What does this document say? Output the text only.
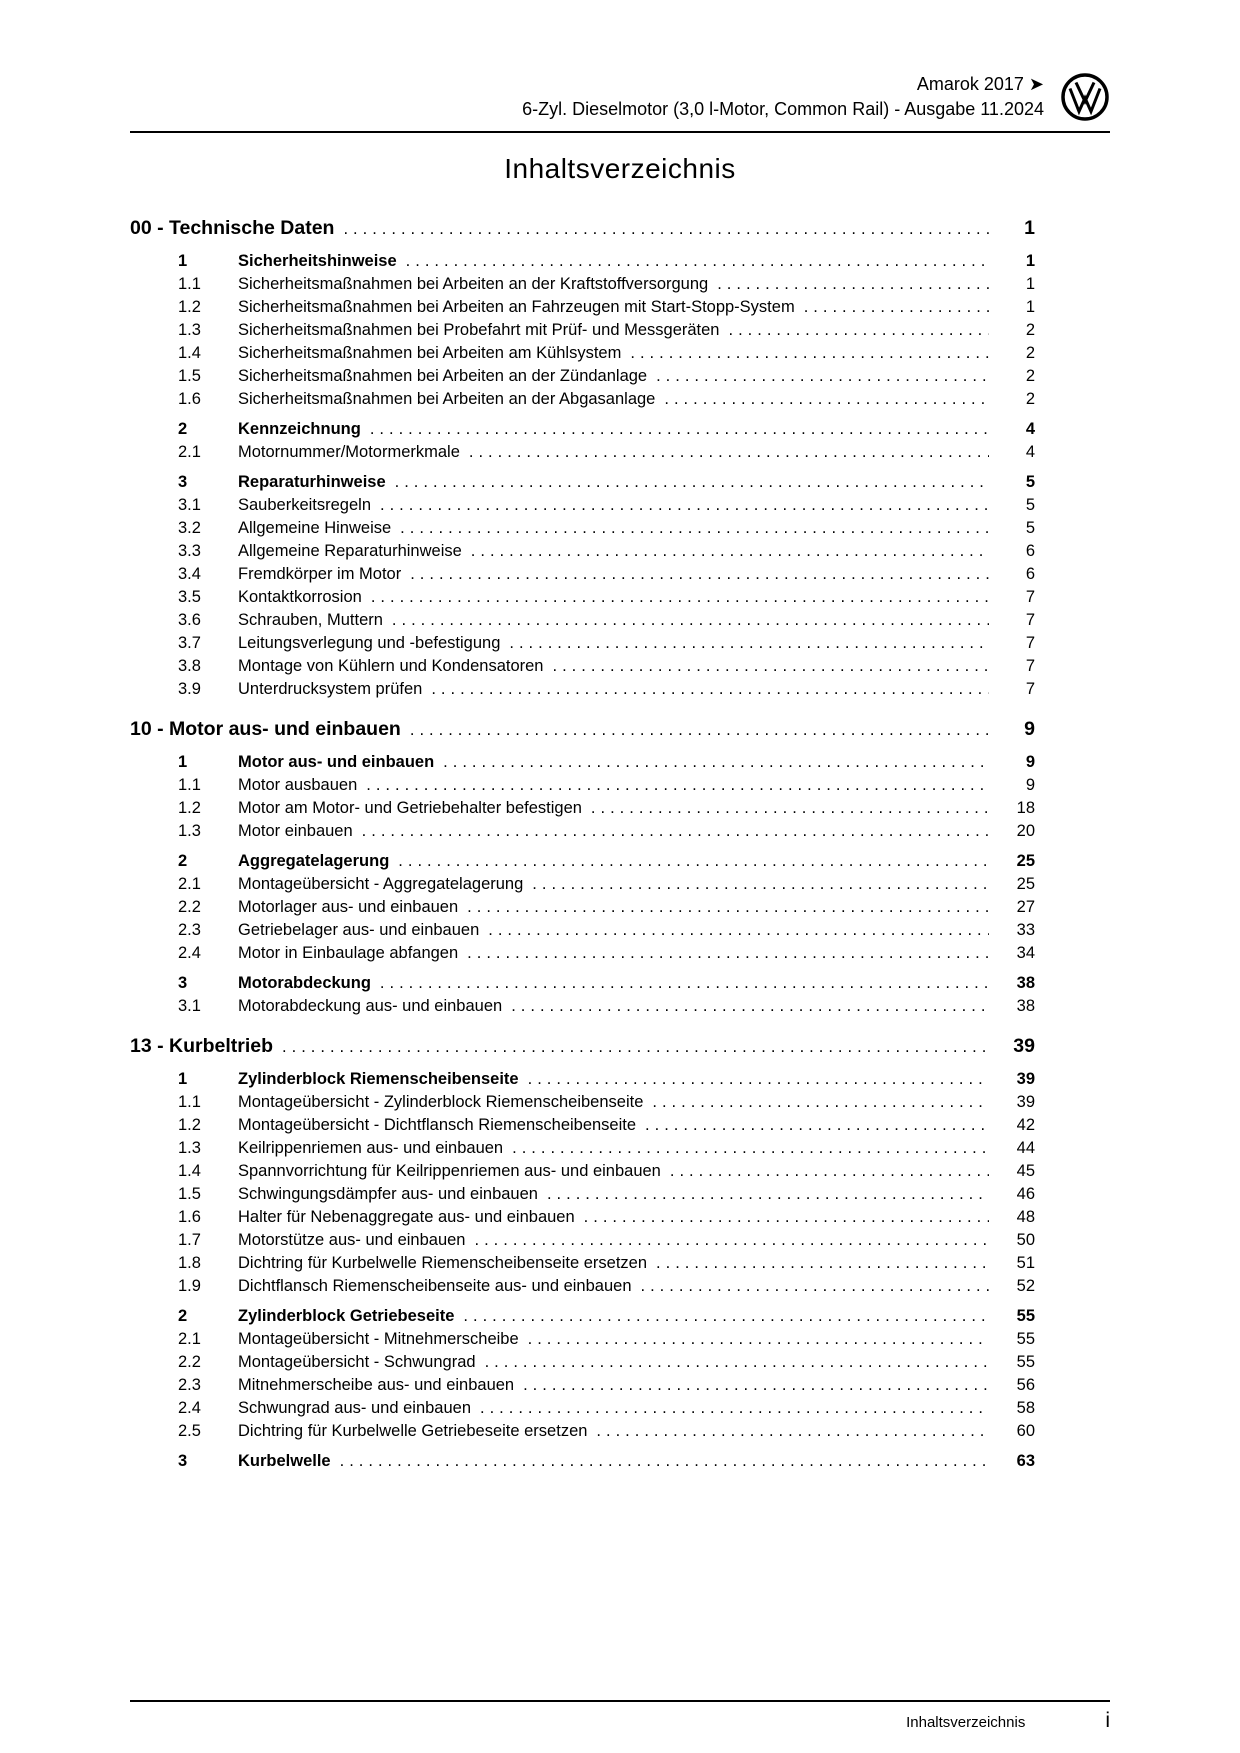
Amarok 2017 ➤
6-Zyl. Dieselmotor (3,0 l-Motor, Common Rail) - Ausgabe 11.2024
Inhaltsverzeichnis
00 - Technische Daten .....	1
1	Sicherheitshinweise .....	1
1.1	Sicherheitsmaßnahmen bei Arbeiten an der Kraftstoffversorgung .....	1
1.2	Sicherheitsmaßnahmen bei Arbeiten an Fahrzeugen mit Start-Stopp-System .....	1
1.3	Sicherheitsmaßnahmen bei Probefahrt mit Prüf- und Messgeräten .....	2
1.4	Sicherheitsmaßnahmen bei Arbeiten am Kühlsystem .....	2
1.5	Sicherheitsmaßnahmen bei Arbeiten an der Zündanlage .....	2
1.6	Sicherheitsmaßnahmen bei Arbeiten an der Abgasanlage .....	2
2	Kennzeichnung .....	4
2.1	Motornummer/Motormerkmale .....	4
3	Reparaturhinweise .....	5
3.1	Sauberkeitsregeln .....	5
3.2	Allgemeine Hinweise .....	5
3.3	Allgemeine Reparaturhinweise .....	6
3.4	Fremdkörper im Motor .....	6
3.5	Kontaktkorrosion .....	7
3.6	Schrauben, Muttern .....	7
3.7	Leitungsverlegung und -befestigung .....	7
3.8	Montage von Kühlern und Kondensatoren .....	7
3.9	Unterdrucksystem prüfen .....	7
10 - Motor aus- und einbauen .....	9
1	Motor aus- und einbauen .....	9
1.1	Motor ausbauen .....	9
1.2	Motor am Motor- und Getriebehalter befestigen .....	18
1.3	Motor einbauen .....	20
2	Aggregatelagerung .....	25
2.1	Montageübersicht - Aggregatelagerung .....	25
2.2	Motorlager aus- und einbauen .....	27
2.3	Getriebelager aus- und einbauen .....	33
2.4	Motor in Einbaulage abfangen .....	34
3	Motorabdeckung .....	38
3.1	Motorabdeckung aus- und einbauen .....	38
13 - Kurbeltrieb .....	39
1	Zylinderblock Riemenscheibenseite .....	39
1.1	Montageübersicht - Zylinderblock Riemenscheibenseite .....	39
1.2	Montageübersicht - Dichtflansch Riemenscheibenseite .....	42
1.3	Keilrippenriemen aus- und einbauen .....	44
1.4	Spannvorrichtung für Keilrippenriemen aus- und einbauen .....	45
1.5	Schwingungsdämpfer aus- und einbauen .....	46
1.6	Halter für Nebenaggregate aus- und einbauen .....	48
1.7	Motorstütze aus- und einbauen .....	50
1.8	Dichtring für Kurbelwelle Riemenscheibenseite ersetzen .....	51
1.9	Dichtflansch Riemenscheibenseite aus- und einbauen .....	52
2	Zylinderblock Getriebeseite .....	55
2.1	Montageübersicht - Mitnehmerscheibe .....	55
2.2	Montageübersicht - Schwungrad .....	55
2.3	Mitnehmerscheibe aus- und einbauen .....	56
2.4	Schwungrad aus- und einbauen .....	58
2.5	Dichtring für Kurbelwelle Getriebeseite ersetzen .....	60
3	Kurbelwelle .....	63
Inhaltsverzeichnis	i
